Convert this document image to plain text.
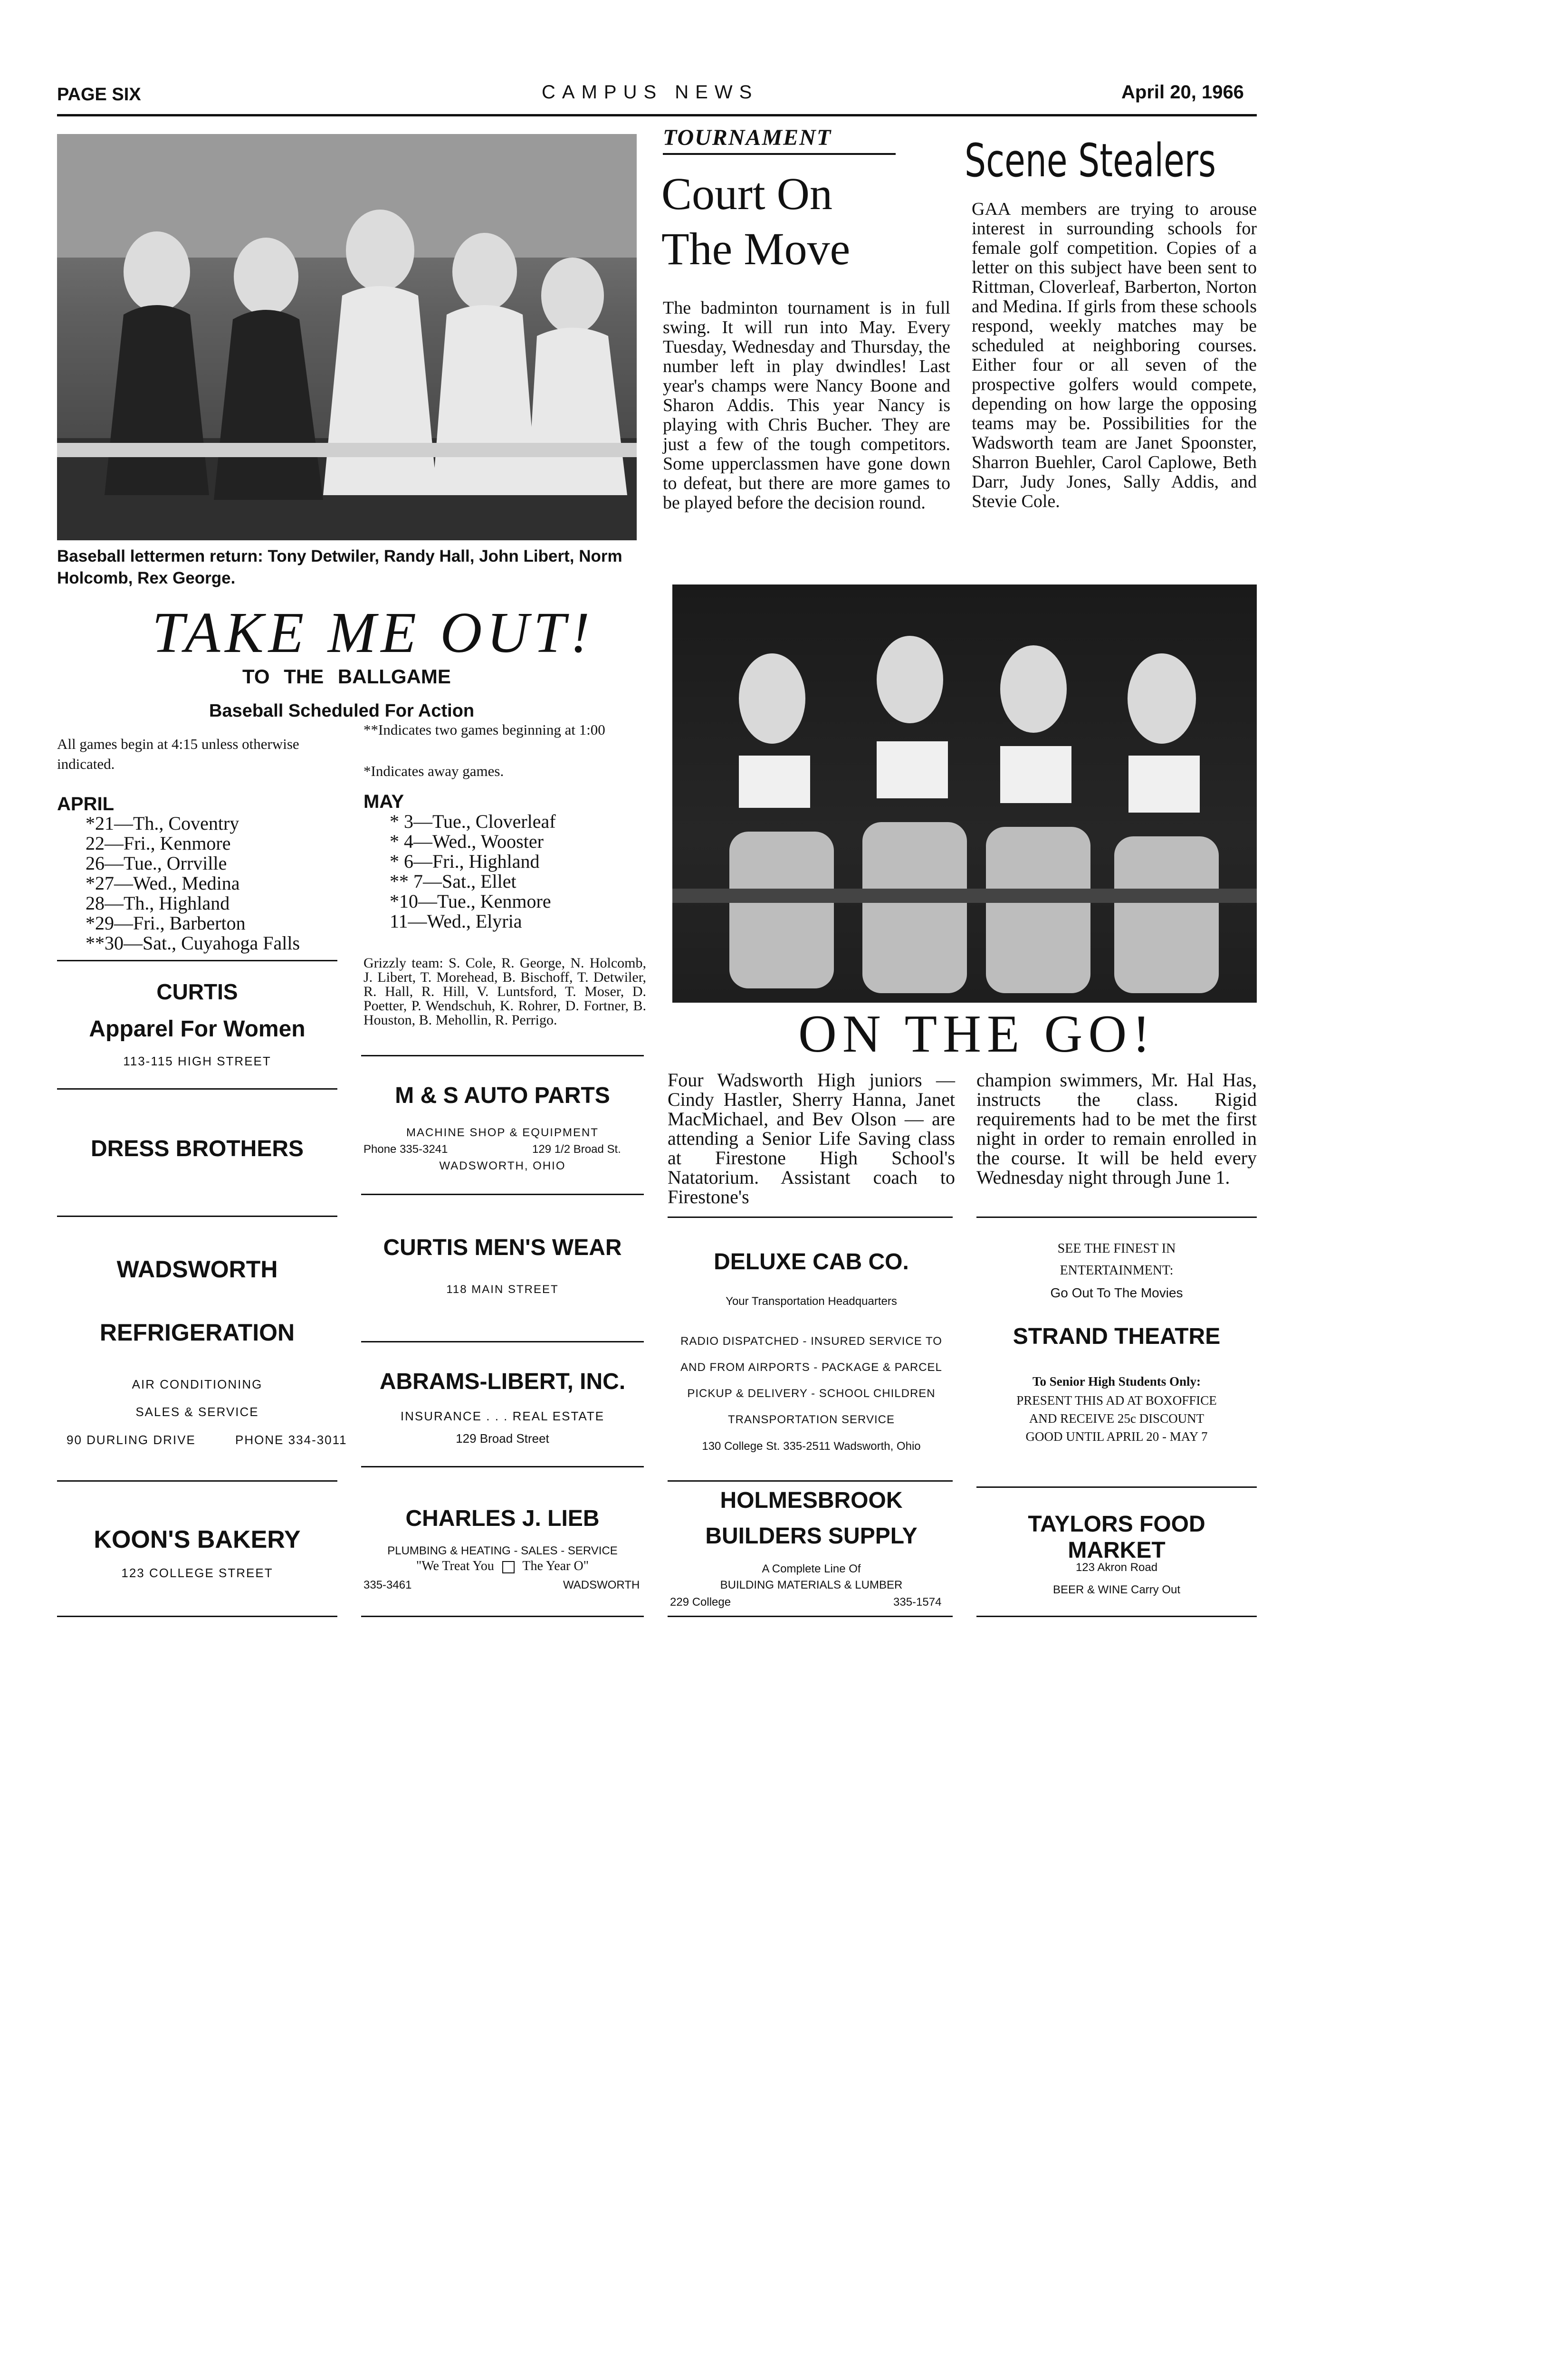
PAGE SIX	CAMPUS NEWS	April 20, 1966
Baseball lettermen return: Tony Detwiler, Randy Hall, John Libert, Norm Holcomb, Rex George.
TOURNAMENT
Court On
The Move
The badminton tournament is in full swing. It will run into May. Every Tuesday, Wednesday and Thursday, the number left in play dwindles! Last year's champs were Nancy Boone and Sharon Addis. This year Nancy is playing with Chris Bucher. They are just a few of the tough competitors. Some upperclassmen have gone down to defeat, but there are more games to be played before the decision round.
Scene Stealers
GAA members are trying to arouse interest in surrounding schools for female golf competition. Copies of a letter on this subject have been sent to Rittman, Cloverleaf, Barberton, Norton and Medina. If girls from these schools respond, weekly matches may be scheduled at neighboring courses. Either four or all seven of the prospective golfers would compete, depending on how large the opposing teams may be. Possibilities for the Wadsworth team are Janet Spoonster, Sharron Buehler, Carol Caplowe, Beth Darr, Judy Jones, Sally Addis, and Stevie Cole.
TAKE ME OUT!
TO THE BALLGAME
Baseball Scheduled For Action
All games begin at 4:15 unless otherwise indicated.
**Indicates two games beginning at 1:00
*Indicates away games.
APRIL
*21—Th., Coventry
22—Fri., Kenmore
26—Tue., Orrville
*27—Wed., Medina
28—Th., Highland
*29—Fri., Barberton
**30—Sat., Cuyahoga Falls
MAY
* 3—Tue., Cloverleaf
* 4—Wed., Wooster
* 6—Fri., Highland
** 7—Sat., Ellet
*10—Tue., Kenmore
11—Wed., Elyria
Grizzly team: S. Cole, R. George, N. Holcomb, J. Libert, T. Morehead, B. Bischoff, T. Detwiler, R. Hall, R. Hill, V. Luntsford, T. Moser, D. Poetter, P. Wendschuh, K. Rohrer, D. Fortner, B. Houston, B. Mehollin, R. Perrigo.	ON THE GO!
Four Wadsworth High juniors — Cindy Hastler, Sherry Hanna, Janet MacMichael, and Bev Olson — are attending a Senior Life Saving class at Firestone High School's Natatorium. Assistant coach to Firestone's
champion swimmers, Mr. Hal Has, instructs the class. Rigid requirements had to be met the first night in order to remain enrolled in the course. It will be held every Wednesday night through June 1.
CURTIS
Apparel For Women
113-115 HIGH STREET
DRESS BROTHERS
WADSWORTH
REFRIGERATION
AIR CONDITIONING
SALES & SERVICE
90 DURLING DRIVE	PHONE 334-3011
KOON'S BAKERY
123 COLLEGE STREET
M & S AUTO PARTS
MACHINE SHOP & EQUIPMENT
Phone 335-3241	129 1/2 Broad St.
WADSWORTH, OHIO
CURTIS MEN'S WEAR
118 MAIN STREET
ABRAMS-LIBERT, INC.
INSURANCE . . . REAL ESTATE
129 Broad Street
CHARLES J. LIEB
PLUMBING & HEATING - SALES - SERVICE
"We Treat You The Year O"
335-3461	WADSWORTH
DELUXE CAB CO.
Your Transportation Headquarters
RADIO DISPATCHED - INSURED SERVICE TO AND FROM AIRPORTS - PACKAGE & PARCEL PICKUP & DELIVERY - SCHOOL CHILDREN TRANSPORTATION SERVICE
130 College St. 335-2511 Wadsworth, Ohio
HOLMESBROOK
BUILDERS SUPPLY
A Complete Line Of
BUILDING MATERIALS & LUMBER
229 College	335-1574
SEE THE FINEST IN
ENTERTAINMENT:
Go Out To The Movies
STRAND THEATRE
To Senior High Students Only:
PRESENT THIS AD AT BOXOFFICE
AND RECEIVE 25c DISCOUNT
GOOD UNTIL APRIL 20 - MAY 7
TAYLORS FOOD MARKET
123 Akron Road
BEER & WINE Carry Out
